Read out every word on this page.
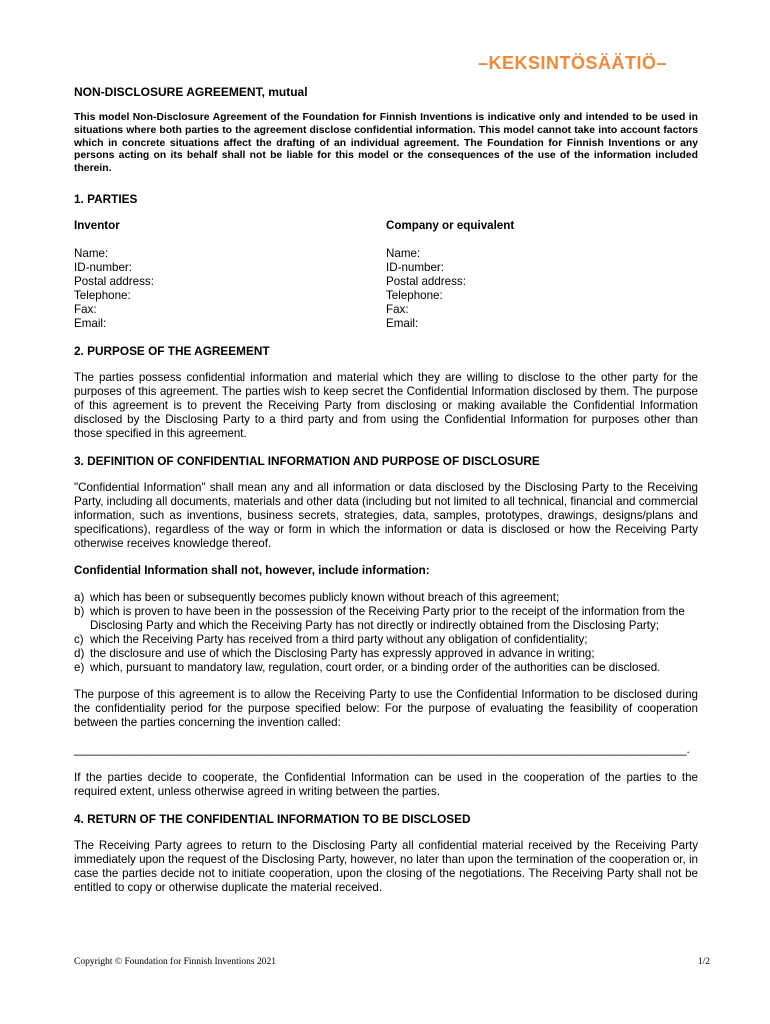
–KEKSINTÖSÄÄTIÖ–
NON-DISCLOSURE AGREEMENT, mutual

This model Non-Disclosure Agreement of the Foundation for Finnish Inventions is indicative only and intended to be used in situations where both parties to the agreement disclose confidential information. This model cannot take into account factors which in concrete situations affect the drafting of an individual agreement. The Foundation for Finnish Inventions or any persons acting on its behalf shall not be liable for this model or the consequences of the use of the information included therein.

1. PARTIES
Inventor
Name:
ID-number:
Postal address:
Telephone:
Fax:
Email:
Company or equivalent
Name:
ID-number:
Postal address:
Telephone:
Fax:
Email:
2. PURPOSE OF THE AGREEMENT

The parties possess confidential information and material which they are willing to disclose to the other party for the purposes of this agreement. The parties wish to keep secret the Confidential Information disclosed by them. The purpose of this agreement is to prevent the Receiving Party from disclosing or making available the Confidential Information disclosed by the Disclosing Party to a third party and from using the Confidential Information for purposes other than those specified in this agreement.

3. DEFINITION OF CONFIDENTIAL INFORMATION AND PURPOSE OF DISCLOSURE

"Confidential Information" shall mean any and all information or data disclosed by the Disclosing Party to the Receiving Party, including all documents, materials and other data (including but not limited to all technical, financial and commercial information, such as inventions, business secrets, strategies, data, samples, prototypes, drawings, designs/plans and specifications), regardless of the way or form in which the information or data is disclosed or how the Receiving Party otherwise receives knowledge thereof.

Confidential Information shall not, however, include information:
a) which has been or subsequently becomes publicly known without breach of this agreement;
b) which is proven to have been in the possession of the Receiving Party prior to the receipt of the information from the Disclosing Party and which the Receiving Party has not directly or indirectly obtained from the Disclosing Party;
c) which the Receiving Party has received from a third party without any obligation of confidentiality;
d) the disclosure and use of which the Disclosing Party has expressly approved in advance in writing;
e) which, pursuant to mandatory law, regulation, court order, or a binding order of the authorities can be disclosed.

The purpose of this agreement is to allow the Receiving Party to use the Confidential Information to be disclosed during the confidentiality period for the purpose specified below: For the purpose of evaluating the feasibility of cooperation between the parties concerning the invention called:

_______________________________________________________________________________________________.

If the parties decide to cooperate, the Confidential Information can be used in the cooperation of the parties to the required extent, unless otherwise agreed in writing between the parties.

4. RETURN OF THE CONFIDENTIAL INFORMATION TO BE DISCLOSED

The Receiving Party agrees to return to the Disclosing Party all confidential material received by the Receiving Party immediately upon the request of the Disclosing Party, however, no later than upon the termination of the cooperation or, in case the parties decide not to initiate cooperation, upon the closing of the negotiations. The Receiving Party shall not be entitled to copy or otherwise duplicate the material received.

Copyright © Foundation for Finnish Inventions 2021	1/2
